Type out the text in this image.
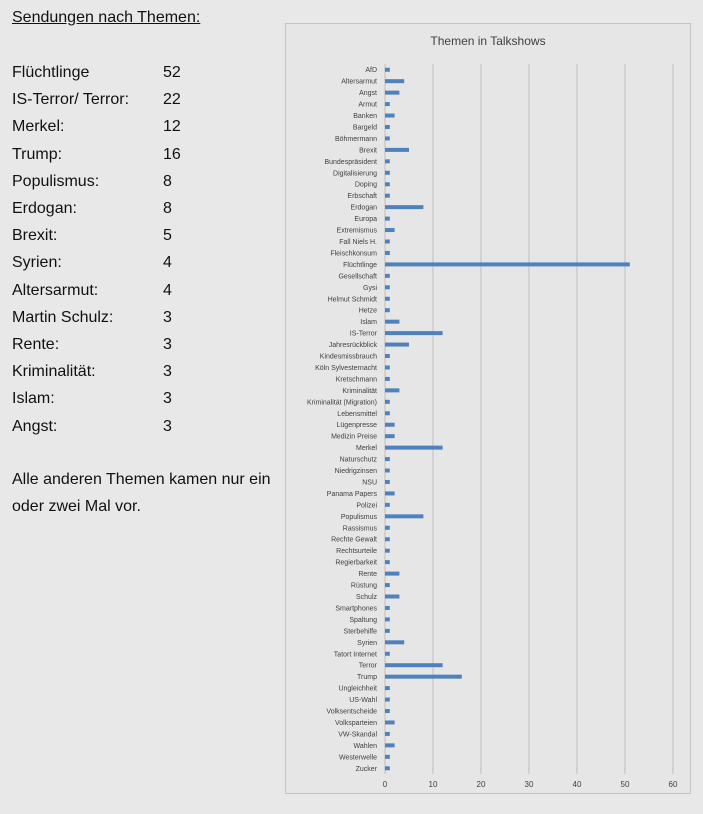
Sendungen nach Themen:
Flüchtlinge	52
IS-Terror/ Terror: 22
Merkel:	12
Trump:	16
Populismus:	8
Erdogan:	8
Brexit:	5
Syrien:	4
Altersarmut:	4
Martin Schulz:	3
Rente:	3
Kriminalität:	3
Islam:	3
Angst:	3
Alle anderen Themen kamen nur ein oder zwei Mal vor.
Themen in Talkshows
0	10	20	30	40	50	60
AfD
Altersarmut
Angst
Armut
Banken
Bargeld
Böhmermann
Brexit
Bundespräsident
Digitalisierung
Doping
Erbschaft
Erdogan
Europa
Extremismus
Fall Niels H.
Fleischkonsum
Flüchtlinge
Gesellschaft
Gysi
Helmut Schmidt
Hetze
Islam
IS-Terror
Jahresrückblick
Kindesmissbrauch
Köln Sylvesternacht
Kretschmann
Kriminalität
Kriminalität (Migration)
Lebensmittel
Lügenpresse
Medizin Preise
Merkel
Naturschutz
Niedrigzinsen
NSU
Panama Papers
Polizei
Populismus
Rassismus
Rechte Gewalt
Rechtsurteile
Regierbarkeit
Rente
Rüstung
Schulz
Smartphones
Spaltung
Sterbehilfe
Syrien
Tatort Internet
Terror
Trump
Ungleichheit
US-Wahl
Volksentscheide
Volksparteien
VW-Skandal
Wahlen
Westerwelle
Zucker
